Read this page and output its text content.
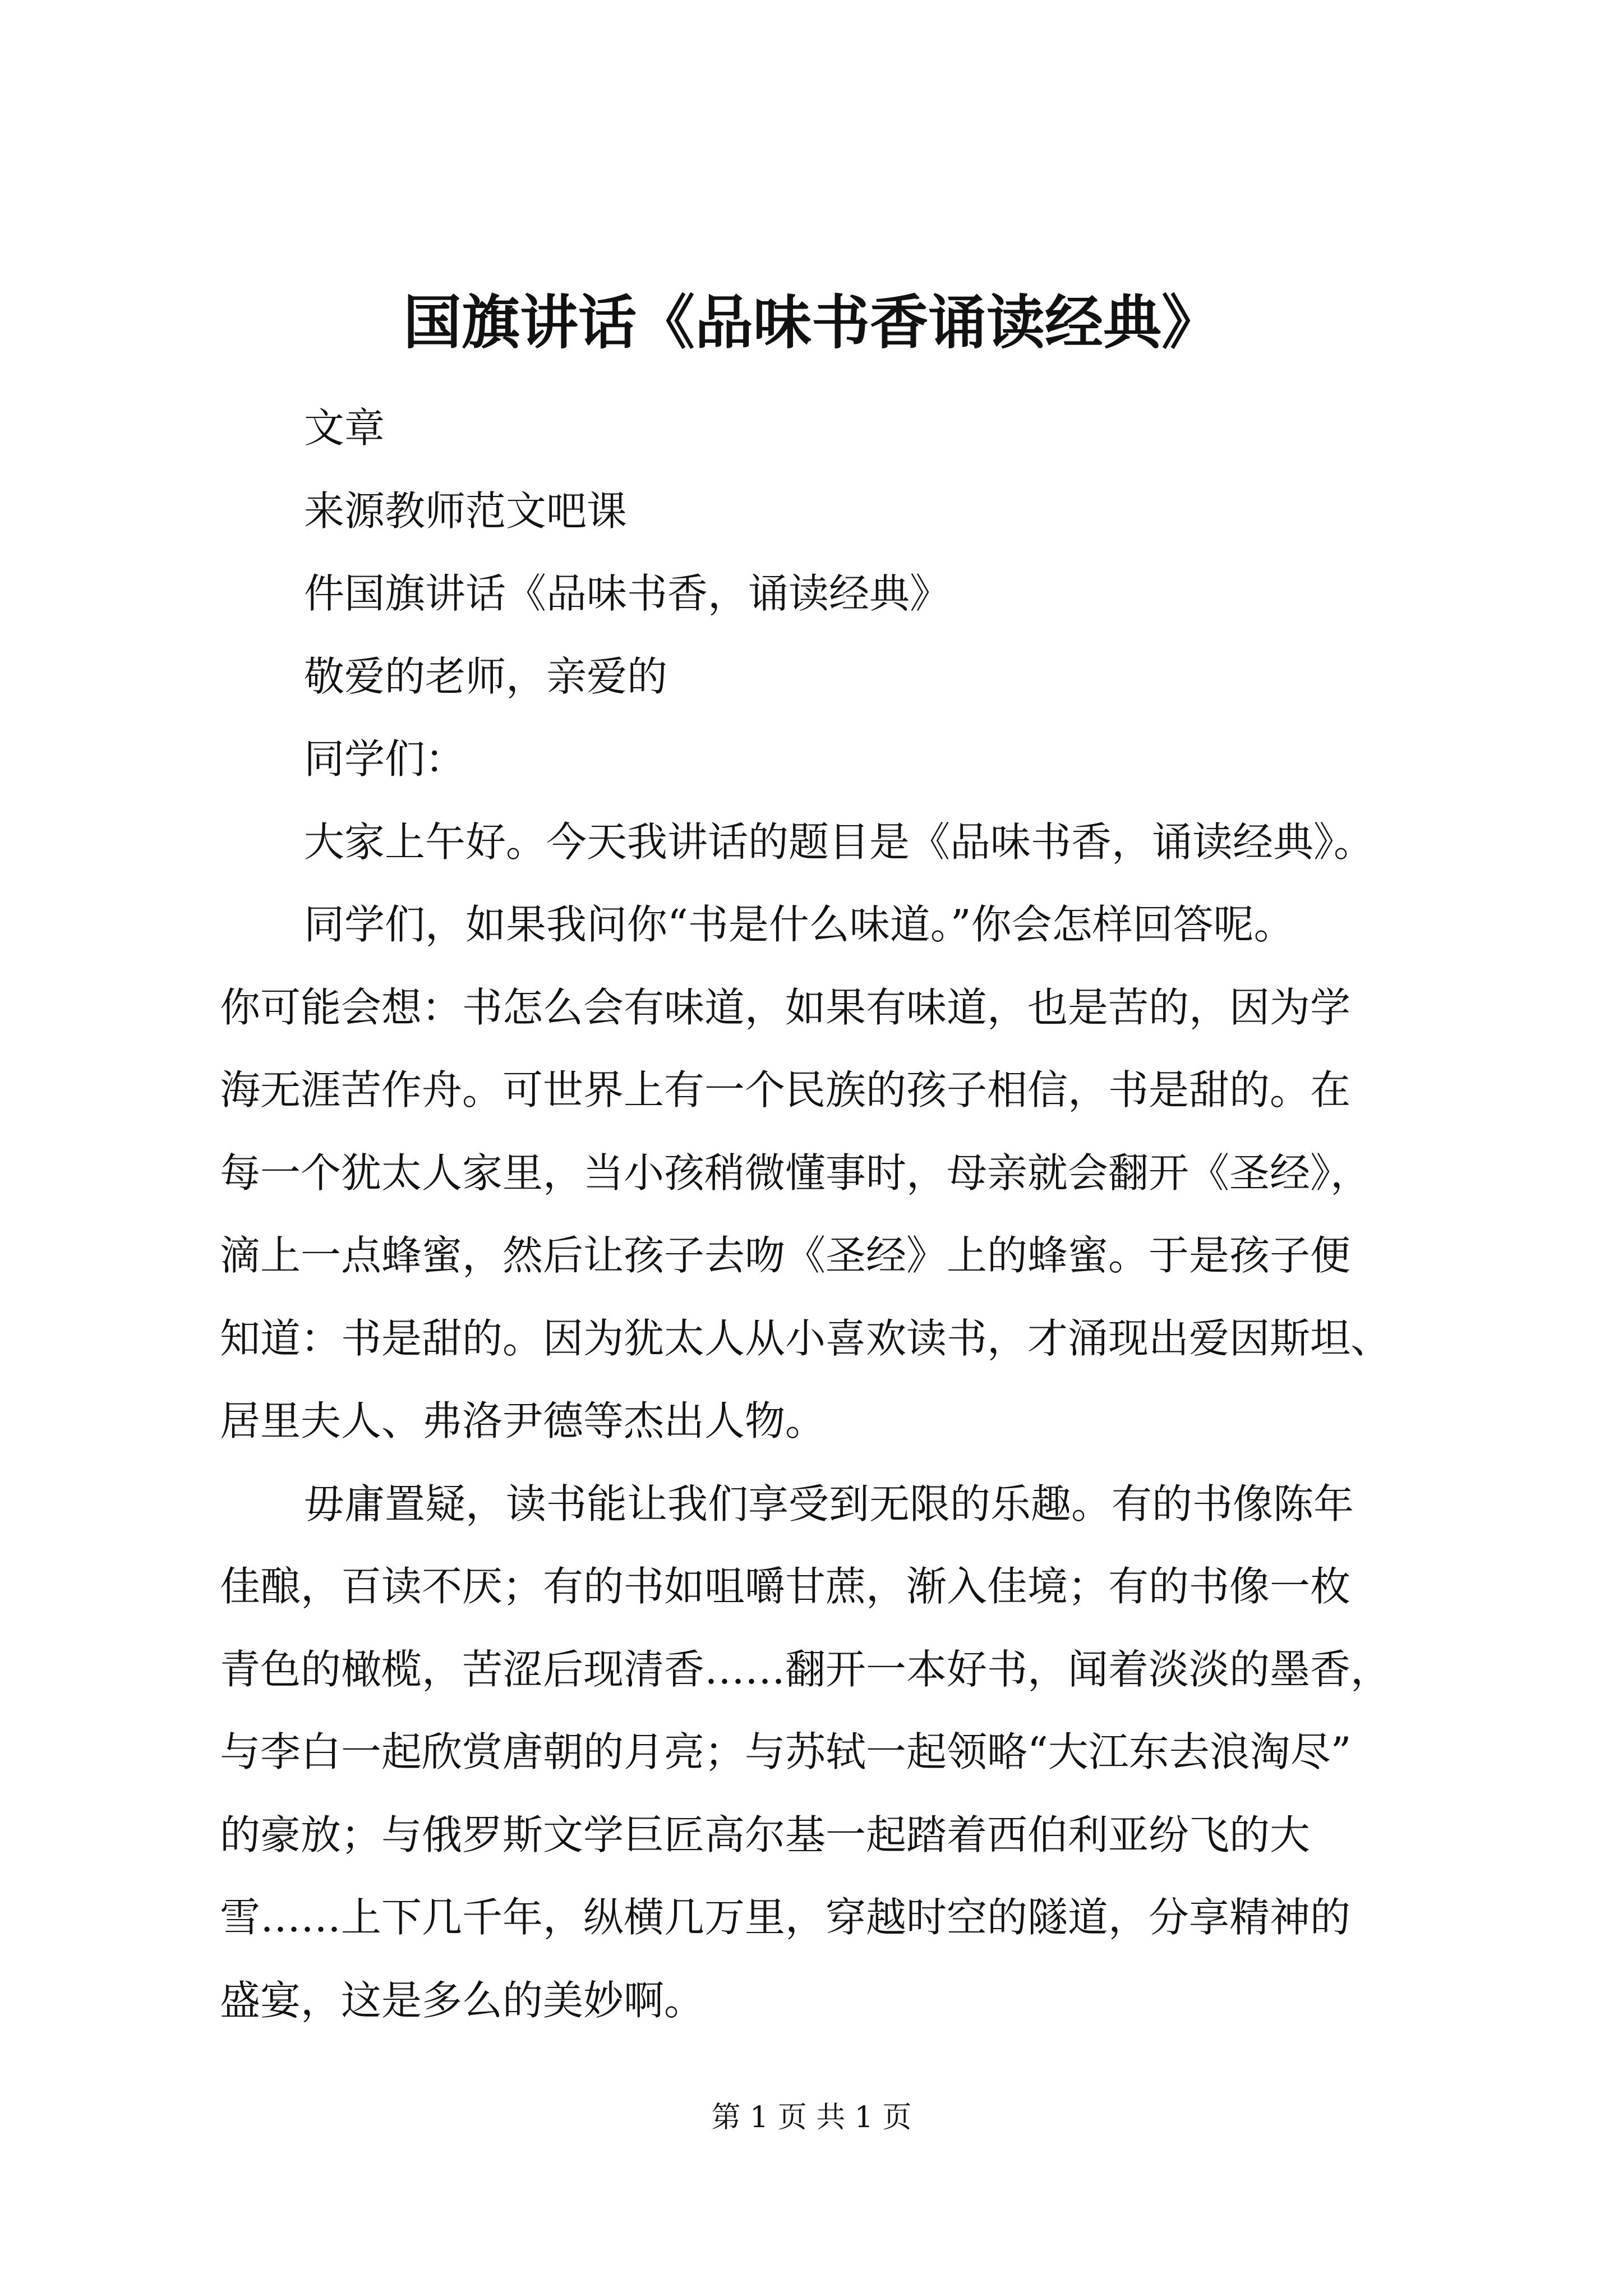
国旗讲话《品味书香诵读经典》
文章
来源教师范文吧课
件国旗讲话《品味书香，诵读经典》
敬爱的老师，亲爱的
同学们：
大家上午好。今天我讲话的题目是《品味书香，诵读经典》。
同学们，如果我问你“书是什么味道。”你会怎样回答呢。
你可能会想：书怎么会有味道，如果有味道，也是苦的，因为学
海无涯苦作舟。可世界上有一个民族的孩子相信，书是甜的。在
每一个犹太人家里，当小孩稍微懂事时，母亲就会翻开《圣经》，
滴上一点蜂蜜，然后让孩子去吻《圣经》上的蜂蜜。于是孩子便
知道：书是甜的。因为犹太人从小喜欢读书，才涌现出爱因斯坦、
居里夫人、弗洛尹德等杰出人物。
毋庸置疑，读书能让我们享受到无限的乐趣。有的书像陈年
佳酿，百读不厌；有的书如咀嚼甘蔗，渐入佳境；有的书像一枚
青色的橄榄，苦涩后现清香……翻开一本好书，闻着淡淡的墨香，
与李白一起欣赏唐朝的月亮；与苏轼一起领略“大江东去浪淘尽”
的豪放；与俄罗斯文学巨匠高尔基一起踏着西伯利亚纷飞的大
雪……上下几千年，纵横几万里，穿越时空的隧道，分享精神的
盛宴，这是多么的美妙啊。
第 1 页 共 1 页
